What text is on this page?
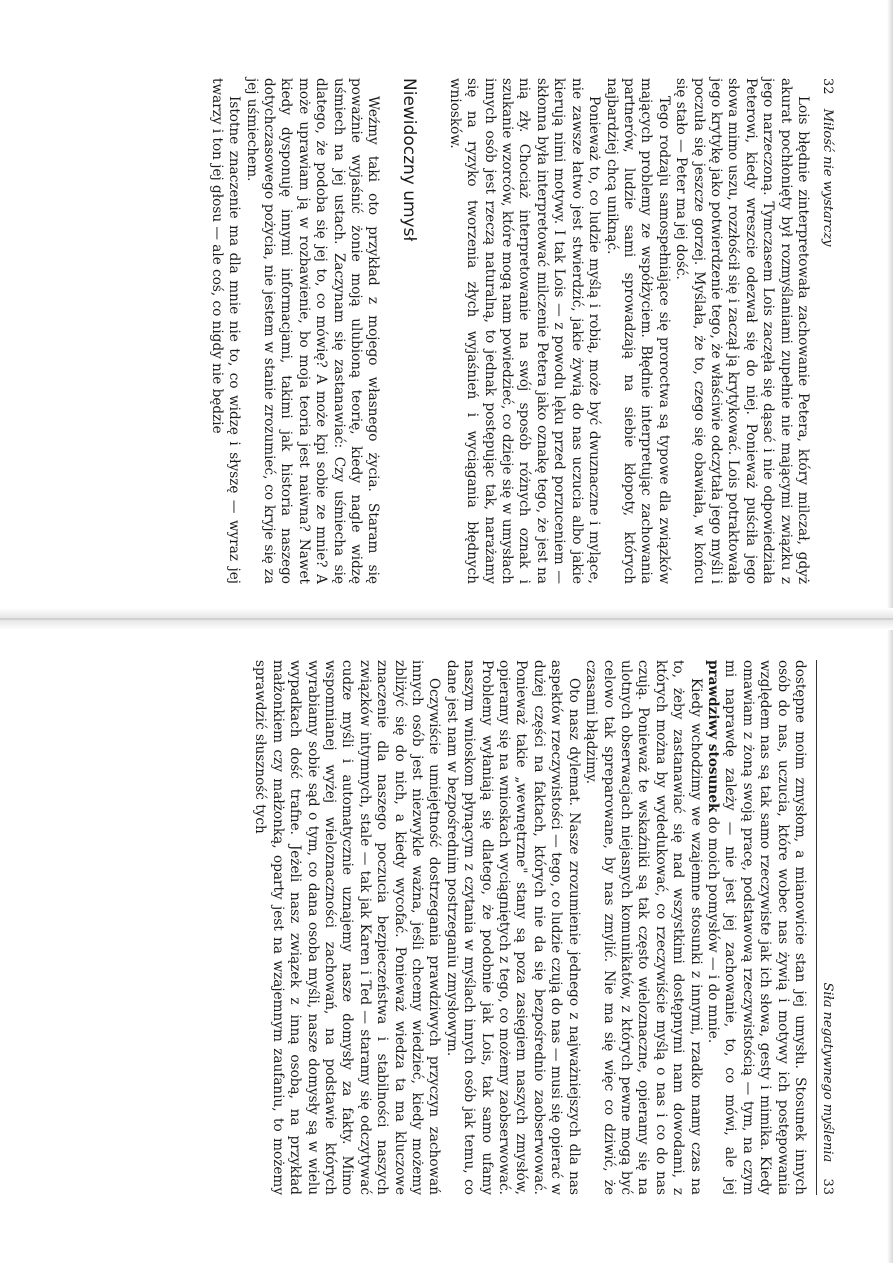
32 Miłość nie wystarczy

Lois błędnie zinterpretowała zachowanie Petera, który milczał, gdyż akurat pochłonięty był rozmyślaniami zupełnie nie mającymi związku z jego narzeczoną. Tymczasem Lois zaczęła się dąsać i nie odpowiedziała Peterowi, kiedy wreszcie odezwał się do niej. Ponieważ puściła jego słowa mimo uszu, rozzłościł się i zaczął ją krytykować. Lois potraktowała jego krytykę jako potwierdzenie tego, że właściwie odczytała jego myśli i poczuła się jeszcze gorzej. Myślała, że to, czego się obawiała, w końcu się stało — Peter ma jej dość.

Tego rodzaju samospełniające się proroctwa są typowe dla związków mających problemy ze współżyciem. Błędnie interpretując zachowania partnerów, ludzie sami sprowadzają na siebie kłopoty, których najbardziej chcą uniknąć.

Ponieważ to, co ludzie myślą i robią, może być dwuznaczne i mylące, nie zawsze łatwo jest stwierdzić, jakie żywią do nas uczucia albo jakie kierują nimi motywy. I tak Lois — z powodu lęku przed porzuceniem — skłonna była interpretować milczenie Petera jako oznakę tego, że jest na nią zły. Chociaż interpretowanie na swój sposób różnych oznak i szukanie wzorców, które mogą nam powiedzieć, co dzieje się w umysłach innych osób jest rzeczą naturalną, to jednak postępując tak, narażamy się na ryzyko tworzenia złych wyjaśnień i wyciągania błędnych wniosków.

Niewidoczny umysł

Weźmy taki oto przykład z mojego własnego życia. Staram się poważnie wyjaśnić żonie moją ulubioną teorię, kiedy nagle widzę uśmiech na jej ustach. Zaczynam się zastanawiać: Czy uśmiecha się dlatego, że podoba się jej to, co mówię? A może kpi sobie ze mnie? A może uprawiam ją w rozbawienie, bo moja teoria jest naiwna? Nawet kiedy dysponuję innymi informacjami, takimi jak historia naszego dotychczasowego pożycia, nie jestem w stanie zrozumieć, co kryje się za jej uśmiechem.

Istotne znaczenie ma dla mnie nie to, co widzę i słyszę — wyraz jej twarzy i ton jej głosu — ale coś, co nigdy nie będzie

Siła negatywnego myślenia 33

dostępne moim zmysłom, a mianowicie stan jej umysłu. Stosunek innych osób do nas, uczucia, które wobec nas żywią i motywy ich postępowania względem nas są tak samo rzeczywiste jak ich słowa, gesty i mimika. Kiedy omawiam z żoną swoją pracę, podstawową rzeczywistością — tym, na czym mi naprawdę zależy — nie jest jej zachowanie, to, co mówi, ale jej prawdziwy stosunek do moich pomysłów — i do mnie.

Kiedy wchodzimy we wzajemne stosunki z innymi, rzadko mamy czas na to, żeby zastanawiać się nad wszystkimi dostępnymi nam dowodami, z których można by wydedukować, co rzeczywiście myślą o nas i co do nas czują. Ponieważ te wskaźniki są tak często wieloznaczne, opieramy się na ulotnych obserwacjach niejasnych komunikatów, z których pewne mogą być celowo tak spreparowane, by nas zmylić. Nie ma się więc co dziwić, że czasami błądzimy.

Oto nasz dylemat. Nasze zrozumienie jednego z najważniejszych dla nas aspektów rzeczywistości — tego, co ludzie czują do nas — musi się opierać w dużej części na faktach, których nie da się bezpośrednio zaobserwować. Ponieważ takie „wewnętrzne" stany są poza zasięgiem naszych zmysłów, opieramy się na wnioskach wyciągniętych z tego, co możemy zaobserwować. Problemy wyłaniają się dlatego, że podobnie jak Lois, tak samo ufamy naszym wnioskom płynącym z czytania w myślach innych osób jak temu, co dane jest nam w bezpośrednim postrzeganiu zmysłowym.

Oczywiście umiejętność dostrzegania prawdziwych przyczyn zachowań innych osób jest niezwykle ważna, jeśli chcemy wiedzieć, kiedy możemy zbliżyć się do nich, a kiedy wycofać. Ponieważ wiedza ta ma kluczowe znaczenie dla naszego poczucia bezpieczeństwa i stabilności naszych związków intymnych, stale — tak jak Karen i Ted — staramy się odczytywać cudze myśli i automatycznie uznajemy nasze domysły za fakty. Mimo wspomnianej wyżej wieloznaczności zachowań, na podstawie których wyrabiamy sobie sąd o tym, co dana osoba myśli, nasze domysły są w wielu wypadkach dość trafne. Jeżeli nasz związek z inną osobą, na przykład małżonkiem czy małżonką, oparty jest na wzajemnym zaufaniu, to możemy sprawdzić słuszność tych
